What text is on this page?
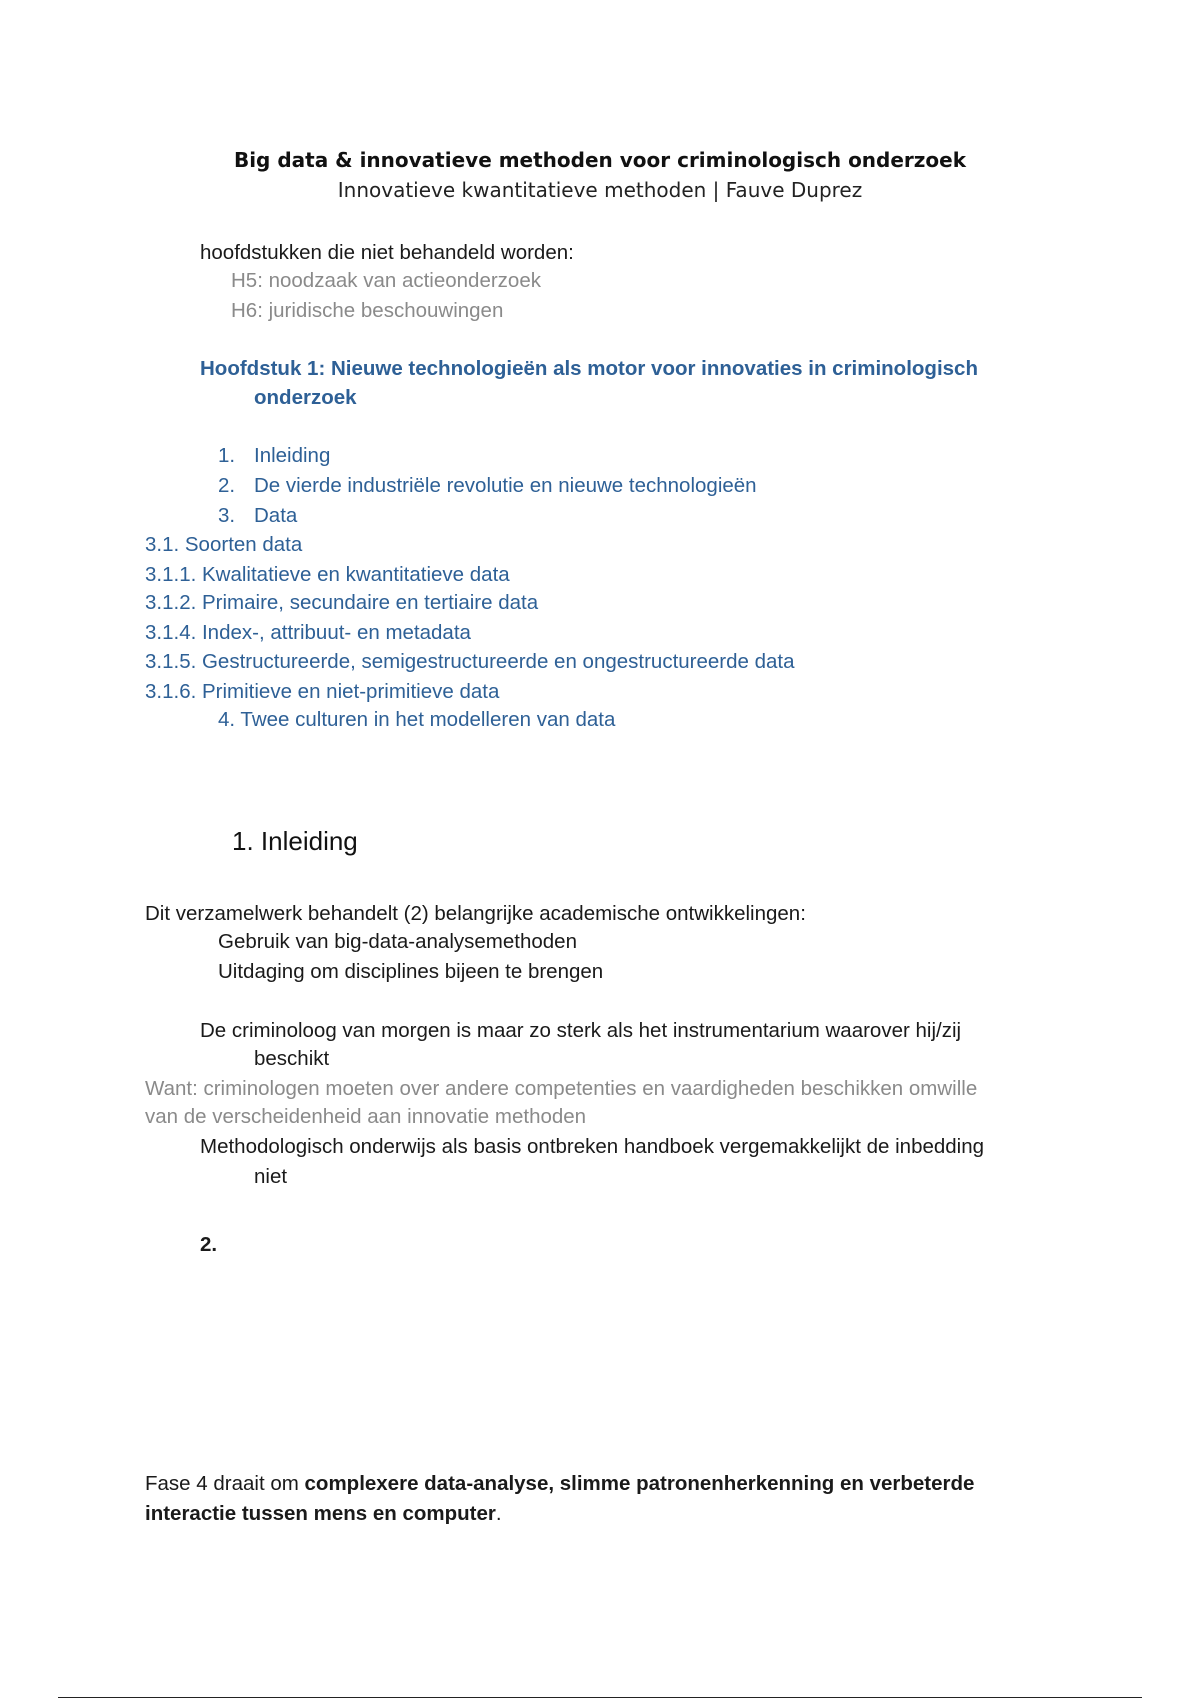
Big data & innovatieve methoden voor criminologisch onderzoek
Innovatieve kwantitatieve methoden | Fauve Duprez
hoofdstukken die niet behandeld worden:
H5: noodzaak van actieonderzoek
H6: juridische beschouwingen
Hoofdstuk 1: Nieuwe technologieën als motor voor innovaties in criminologisch
onderzoek
1. Inleiding
2. De vierde industriële revolutie en nieuwe technologieën
3. Data
3.1. Soorten data
3.1.1. Kwalitatieve en kwantitatieve data
3.1.2. Primaire, secundaire en tertiaire data
3.1.4. Index-, attribuut- en metadata
3.1.5. Gestructureerde, semigestructureerde en ongestructureerde data
3.1.6. Primitieve en niet-primitieve data
4. Twee culturen in het modelleren van data
1. Inleiding
Dit verzamelwerk behandelt (2) belangrijke academische ontwikkelingen:
Gebruik van big-data-analysemethoden
Uitdaging om disciplines bijeen te brengen
De criminoloog van morgen is maar zo sterk als het instrumentarium waarover hij/zij
beschikt
Want: criminologen moeten over andere competenties en vaardigheden beschikken omwille
van de verscheidenheid aan innovatie methoden
Methodologisch onderwijs als basis ontbreken handboek vergemakkelijkt de inbedding
niet
2.
Fase 4 draait om complexere data-analyse, slimme patronenherkenning en verbeterde
interactie tussen mens en computer.
